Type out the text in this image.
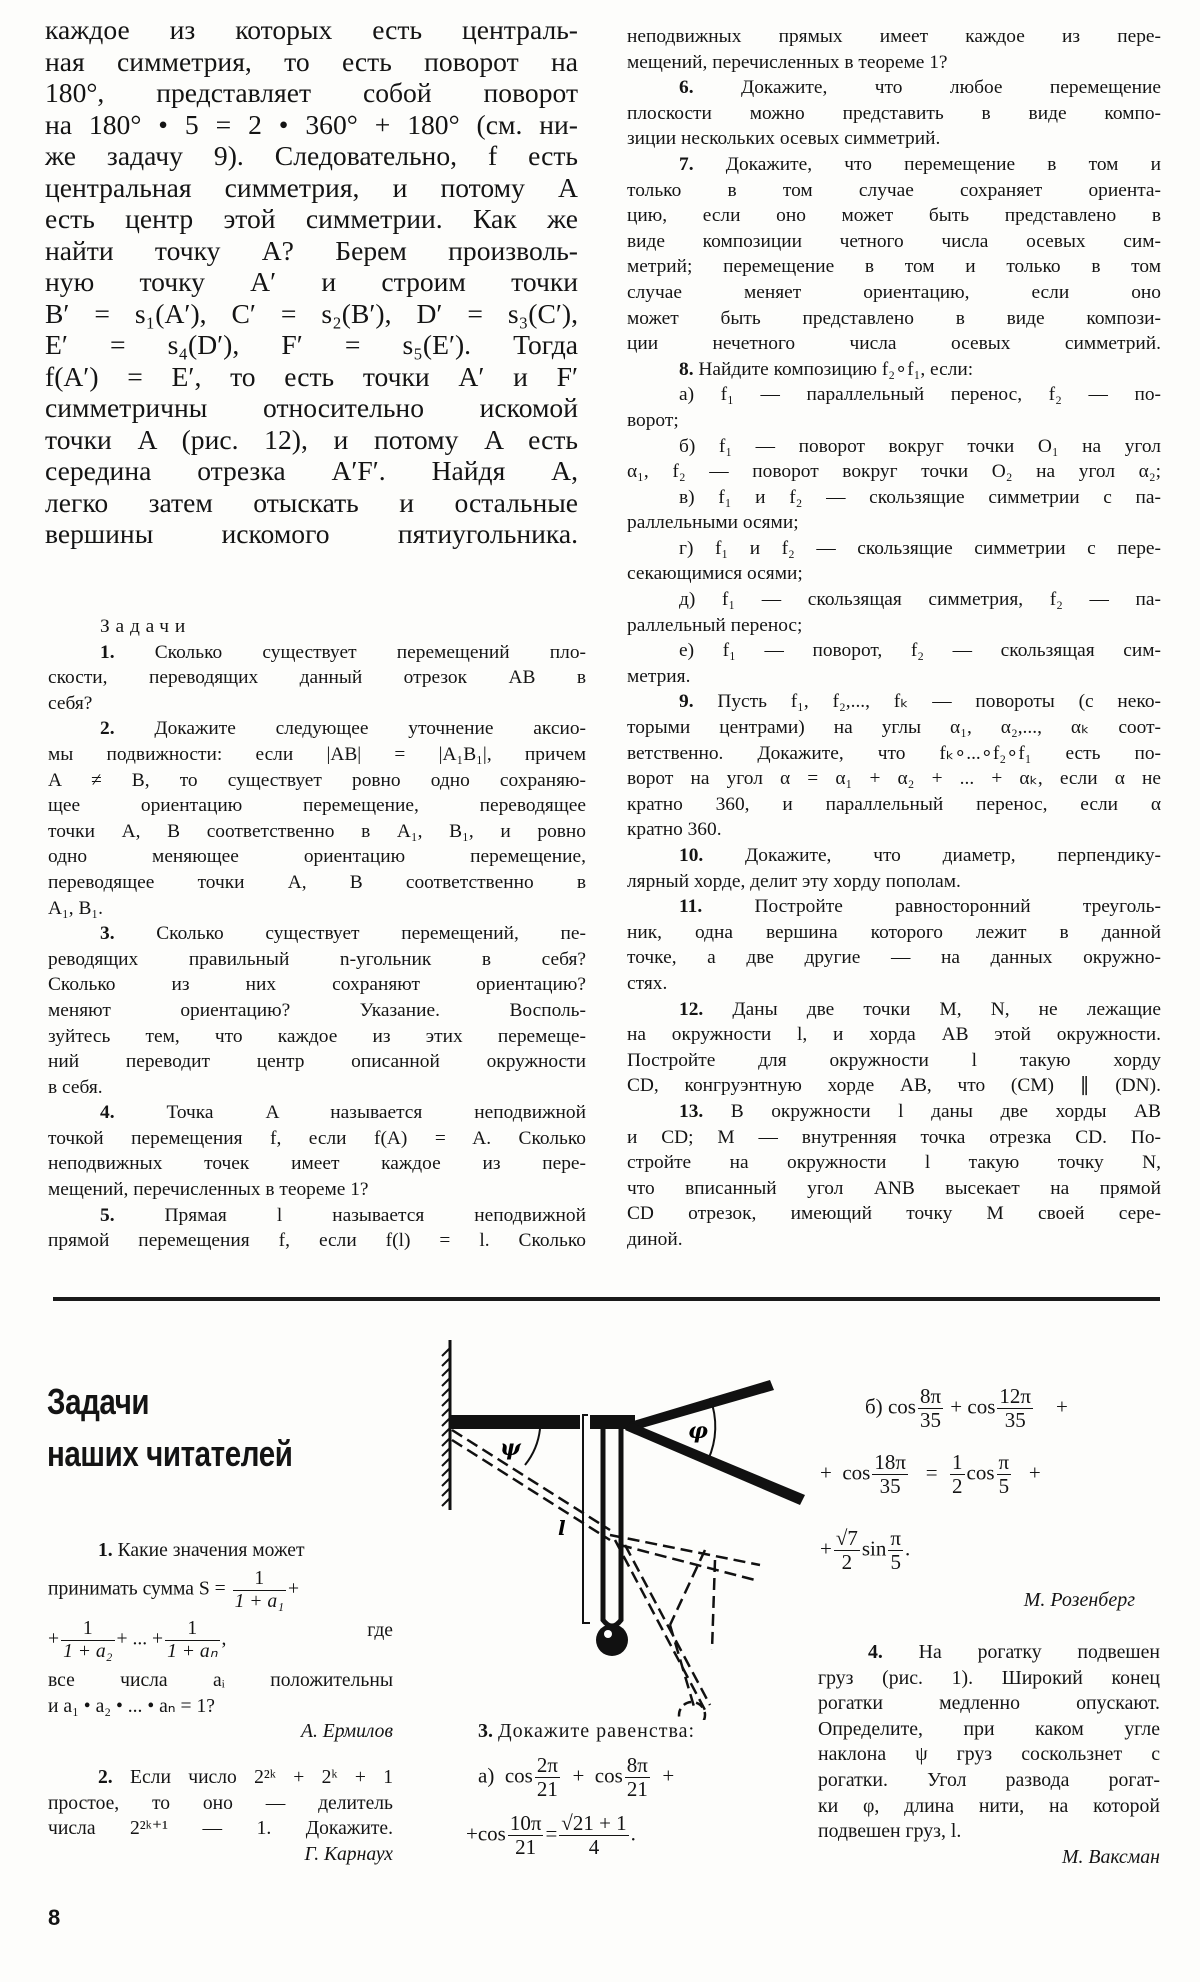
каждое из которых есть централь-
ная симметрия, то есть поворот на
180°, представляет собой поворот
на 180° • 5 = 2 • 360° + 180° (см. ни-
же задачу 9). Следовательно, f есть
центральная симметрия, и потому A
есть центр этой симметрии. Как же
найти точку A? Берем произволь-
ную точку A′ и строим точки
B′ = s₁(A′), C′ = s₂(B′), D′ = s₃(C′),
E′ = s₄(D′), F′ = s₅(E′). Тогда
f(A′) = E′, то есть точки A′ и F′
симметричны относительно искомой
точки A (рис. 12), и потому A есть
середина отрезка A′F′. Найдя A,
легко затем отыскать и остальные
вершины искомого пятиугольника.
Задачи
1. Сколько существует перемещений пло-
скости, переводящих данный отрезок AB в
себя?
2. Докажите следующее уточнение аксио-
мы подвижности: если |AB| = |A₁B₁|, причем
A ≠ B, то существует ровно одно сохраняю-
щее ориентацию перемещение, переводящее
точки A, B соответственно в A₁, B₁, и ровно
одно меняющее ориентацию перемещение,
переводящее точки A, B соответственно в
A₁, B₁.
3. Сколько существует перемещений, пе-
реводящих правильный n-угольник в себя?
Сколько из них сохраняют ориентацию?
меняют ориентацию? Указание. Восполь-
зуйтесь тем, что каждое из этих перемеще-
ний переводит центр описанной окружности
в себя.
4.	Точка A называется неподвижной
точкой перемещения f, если f(A) = A. Сколько
неподвижных точек имеет каждое из пере-
мещений, перечисленных в теореме 1?
5.	Прямая l называется неподвижной
прямой перемещения f, если f(l) = l. Сколько
неподвижных прямых имеет каждое из пере-
мещений, перечисленных в теореме 1?
6. Докажите, что любое перемещение
плоскости можно представить в виде компо-
зиции нескольких осевых симметрий.
7. Докажите, что перемещение в том и
только в том случае сохраняет ориента-
цию, если оно может быть представлено в
виде композиции четного числа осевых сим-
метрий; перемещение в том и только в том
случае меняет ориентацию, если оно
может быть представлено в виде компози-
ции нечетного числа осевых симметрий.
8. Найдите композицию f₂∘f₁, если:
а) f₁ — параллельный перенос, f₂ — по-
ворот;
б) f₁ — поворот вокруг точки O₁ на угол
α₁, f₂ — поворот вокруг точки O₂ на угол α₂;
в) f₁ и f₂ — скользящие симметрии с па-
раллельными осями;
г) f₁ и f₂ — скользящие симметрии с пере-
секающимися осями;
д) f₁ — скользящая симметрия, f₂ — па-
раллельный перенос;
е) f₁ — поворот, f₂ — скользящая сим-
метрия.
9. Пусть f₁, f₂,..., fₖ — повороты (с неко-
торыми центрами) на углы α₁, α₂,..., αₖ соот-
ветственно. Докажите, что fₖ∘...∘f₂∘f₁ есть по-
ворот на угол α = α₁ + α₂ + ... + αₖ, если α не
кратно 360, и параллельный перенос, если α
кратно 360.
10. Докажите, что диаметр, перпендику-
лярный хорде, делит эту хорду пополам.
11.	Постройте равносторонний треуголь-
ник, одна вершина которого лежит в данной
точке, а две другие — на данных окружно-
стях.
12. Даны две точки M, N, не лежащие
на окружности l, и хорда AB этой окружности.
Постройте для окружности l такую хорду
CD, конгруэнтную хорде AB, что (CM) ∥ (DN).
13. В окружности l даны две хорды AB
и CD; M — внутренняя точка отрезка CD. По-
стройте на окружности l такую точку N,
что вписанный угол ANB высекает на прямой
CD отрезок, имеющий точку M своей сере-
диной.
Задачи
наших читателей
1. Какие значения может
принимать сумма $S = \frac{1}{\text{1 + a₁}}$ +
+ $\frac{1}{\text{1 + a₂}}$ + ... + $\frac{1}{\text{1 + aₙ}}$ ,	где
все числа aᵢ положительны
и a₁ • a₂ • ... • aₙ = 1?
А. Ермилов
2. Если число 2²ᵏ + 2ᵏ + 1
простое, то оно — делитель
числа 2²ᵏ⁺¹ — 1. Докажите.
Г. Карнаух
ψ
φ
l
3. Докажите равенства:
а) $\cos \frac{2\pi}{21} + \cos \frac{8\pi}{21}$ +
$+\cos \frac{10\pi}{21} = \frac{√21 + 1}{4}$ .
б) $\cos \frac{8\pi}{35} + \cos \frac{12\pi}{35}$ +
+  $\cos \frac{18\pi}{35} = \frac{1}{2}$ $\cos \frac{\pi}{5}$ +
+ $\frac{√7}{2}$ $\sin \frac{\pi}{5}$ .
М. Розенберг
4. На рогатку подвешен
груз (рис. 1). Широкий конец
рогатки медленно опускают.
Определите, при каком угле
наклона ψ груз соскользнет с
рогатки. Угол развода рогат-
ки φ, длина нити, на которой
подвешен груз, l.
М. Ваксман
8
